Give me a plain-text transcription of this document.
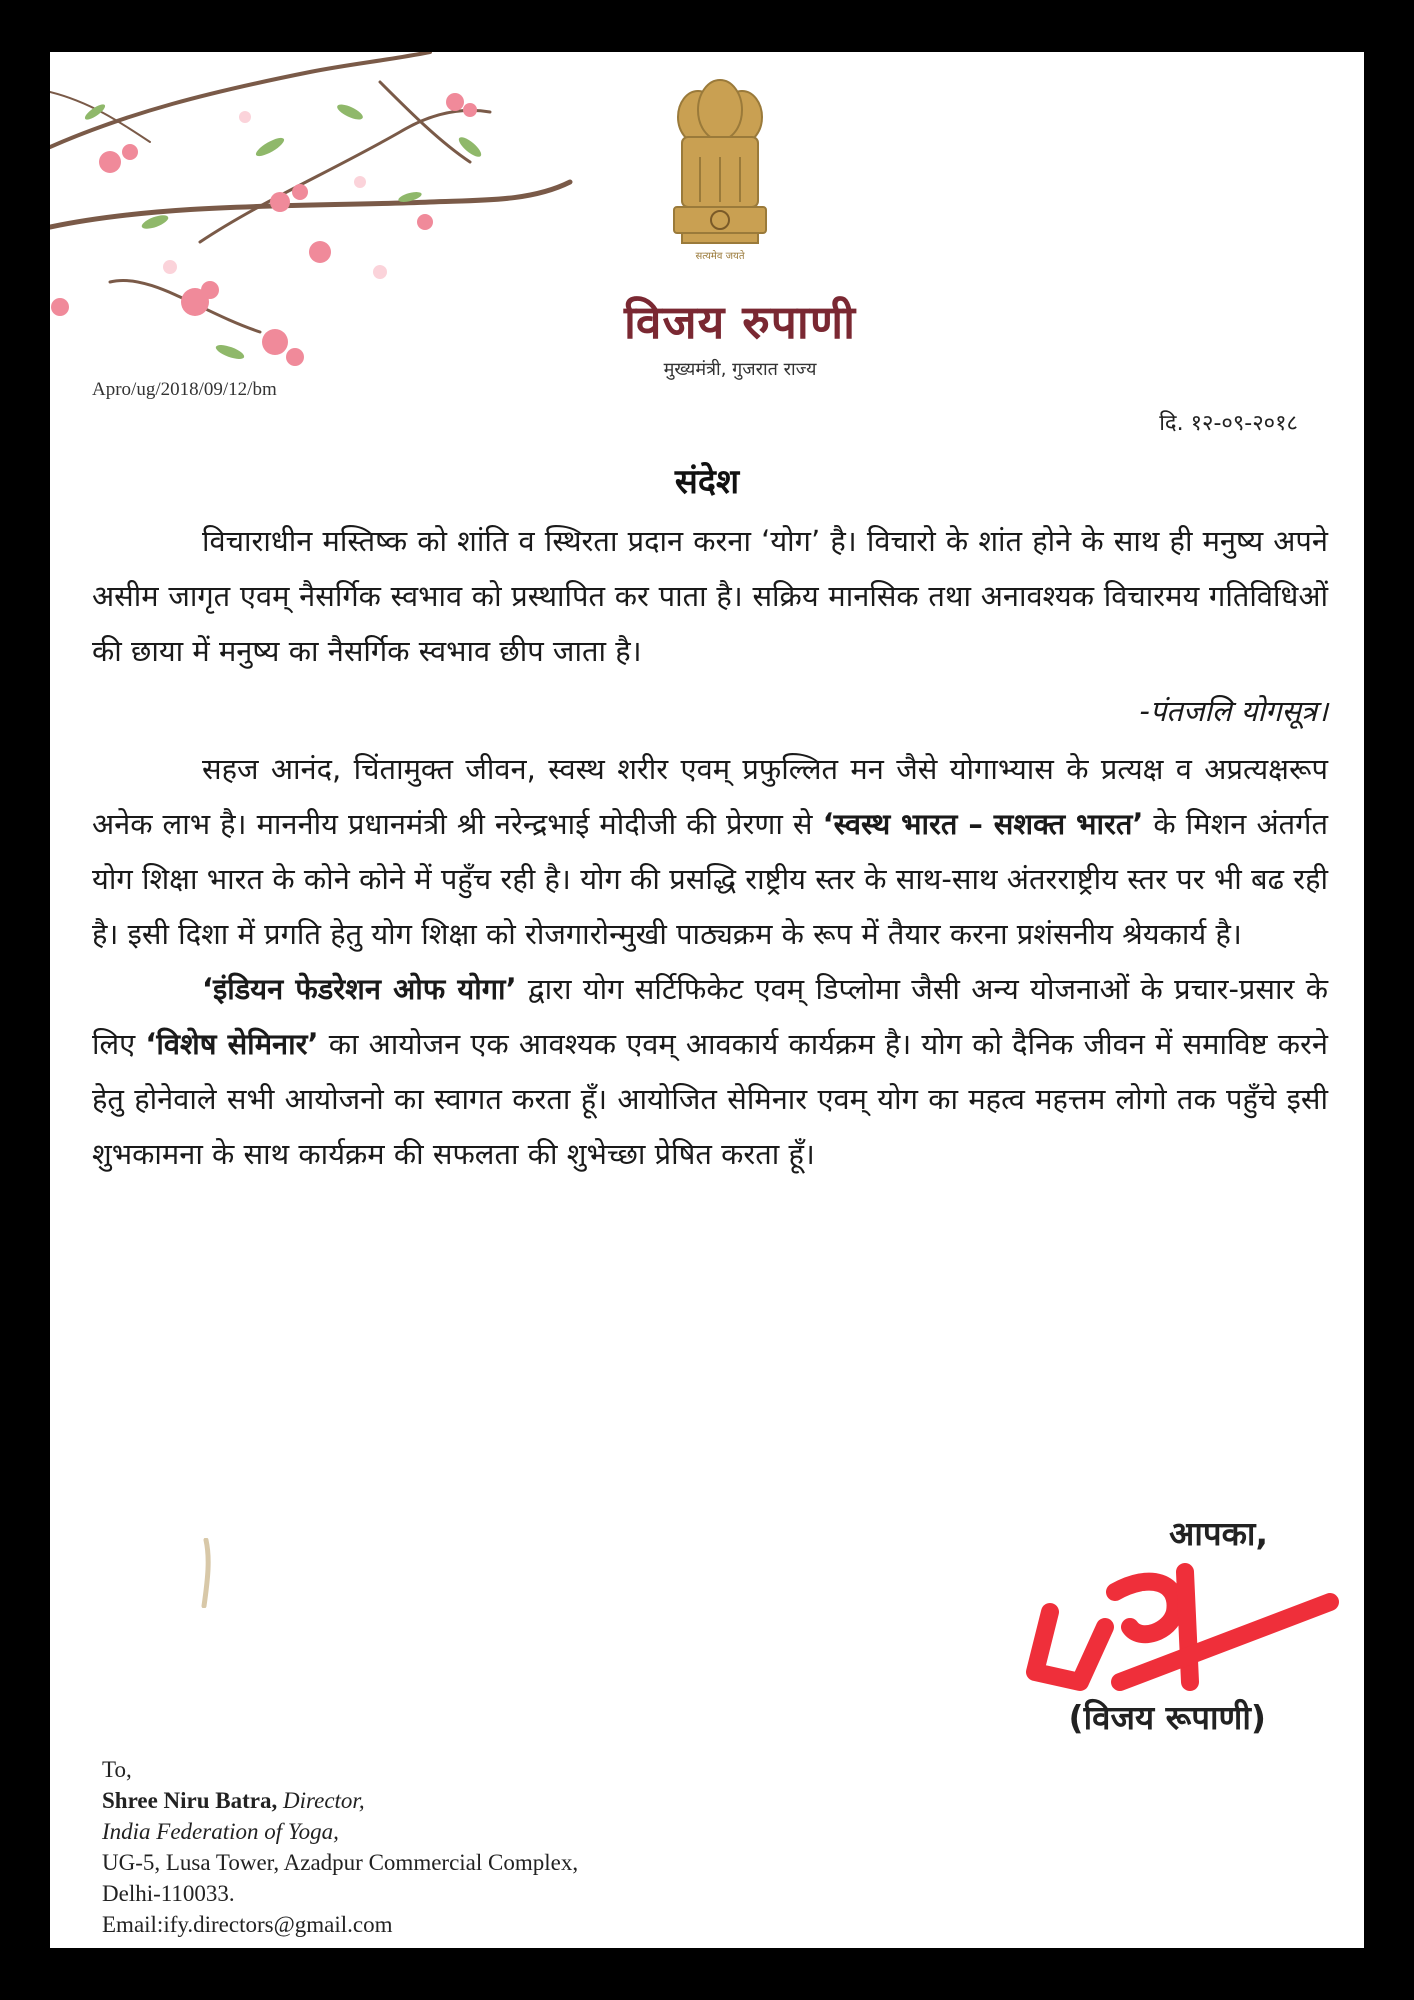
सत्यमेव जयते
विजय रुपाणी
मुख्यमंत्री, गुजरात राज्य
Apro/ug/2018/09/12/bm
दि. १२-०९-२०१८
संदेश

विचाराधीन मस्तिष्क को शांति व स्थिरता प्रदान करना ‘योग’ है। विचारो के शांत होने के साथ ही मनुष्य अपने असीम जागृत एवम् नैसर्गिक स्वभाव को प्रस्थापित कर पाता है। सक्रिय मानसिक तथा अनावश्यक विचारमय गतिविधिओं की छाया में मनुष्य का नैसर्गिक स्वभाव छीप जाता है।

-पंतजलि योगसूत्र।

सहज आनंद, चिंतामुक्त जीवन, स्वस्थ शरीर एवम् प्रफुल्लित मन जैसे योगाभ्यास के प्रत्यक्ष व अप्रत्यक्षरूप अनेक लाभ है। माननीय प्रधानमंत्री श्री नरेन्द्रभाई मोदीजी की प्रेरणा से ‘स्वस्थ भारत – सशक्त भारत’ के मिशन अंतर्गत योग शिक्षा भारत के कोने कोने में पहुँच रही है। योग की प्रसद्धि राष्ट्रीय स्तर के साथ-साथ अंतरराष्ट्रीय स्तर पर भी बढ रही है। इसी दिशा में प्रगति हेतु योग शिक्षा को रोजगारोन्मुखी पाठ्यक्रम के रूप में तैयार करना प्रशंसनीय श्रेयकार्य है।

‘इंडियन फेडरेशन ओफ योगा’ द्वारा योग सर्टिफिकेट एवम् डिप्लोमा जैसी अन्य योजनाओं के प्रचार-प्रसार के लिए ‘विशेष सेमिनार’ का आयोजन एक आवश्यक एवम् आवकार्य कार्यक्रम है। योग को दैनिक जीवन में समाविष्ट करने हेतु होनेवाले सभी आयोजनो का स्वागत करता हूँ। आयोजित सेमिनार एवम् योग का महत्व महत्तम लोगो तक पहुँचे इसी शुभकामना के साथ कार्यक्रम की सफलता की शुभेच्छा प्रेषित करता हूँ।

आपका,
(विजय रूपाणी)
To,
Shree Niru Batra, Director,
India Federation of Yoga,
UG-5, Lusa Tower, Azadpur Commercial Complex,
Delhi-110033.
Email:ify.directors@gmail.com
